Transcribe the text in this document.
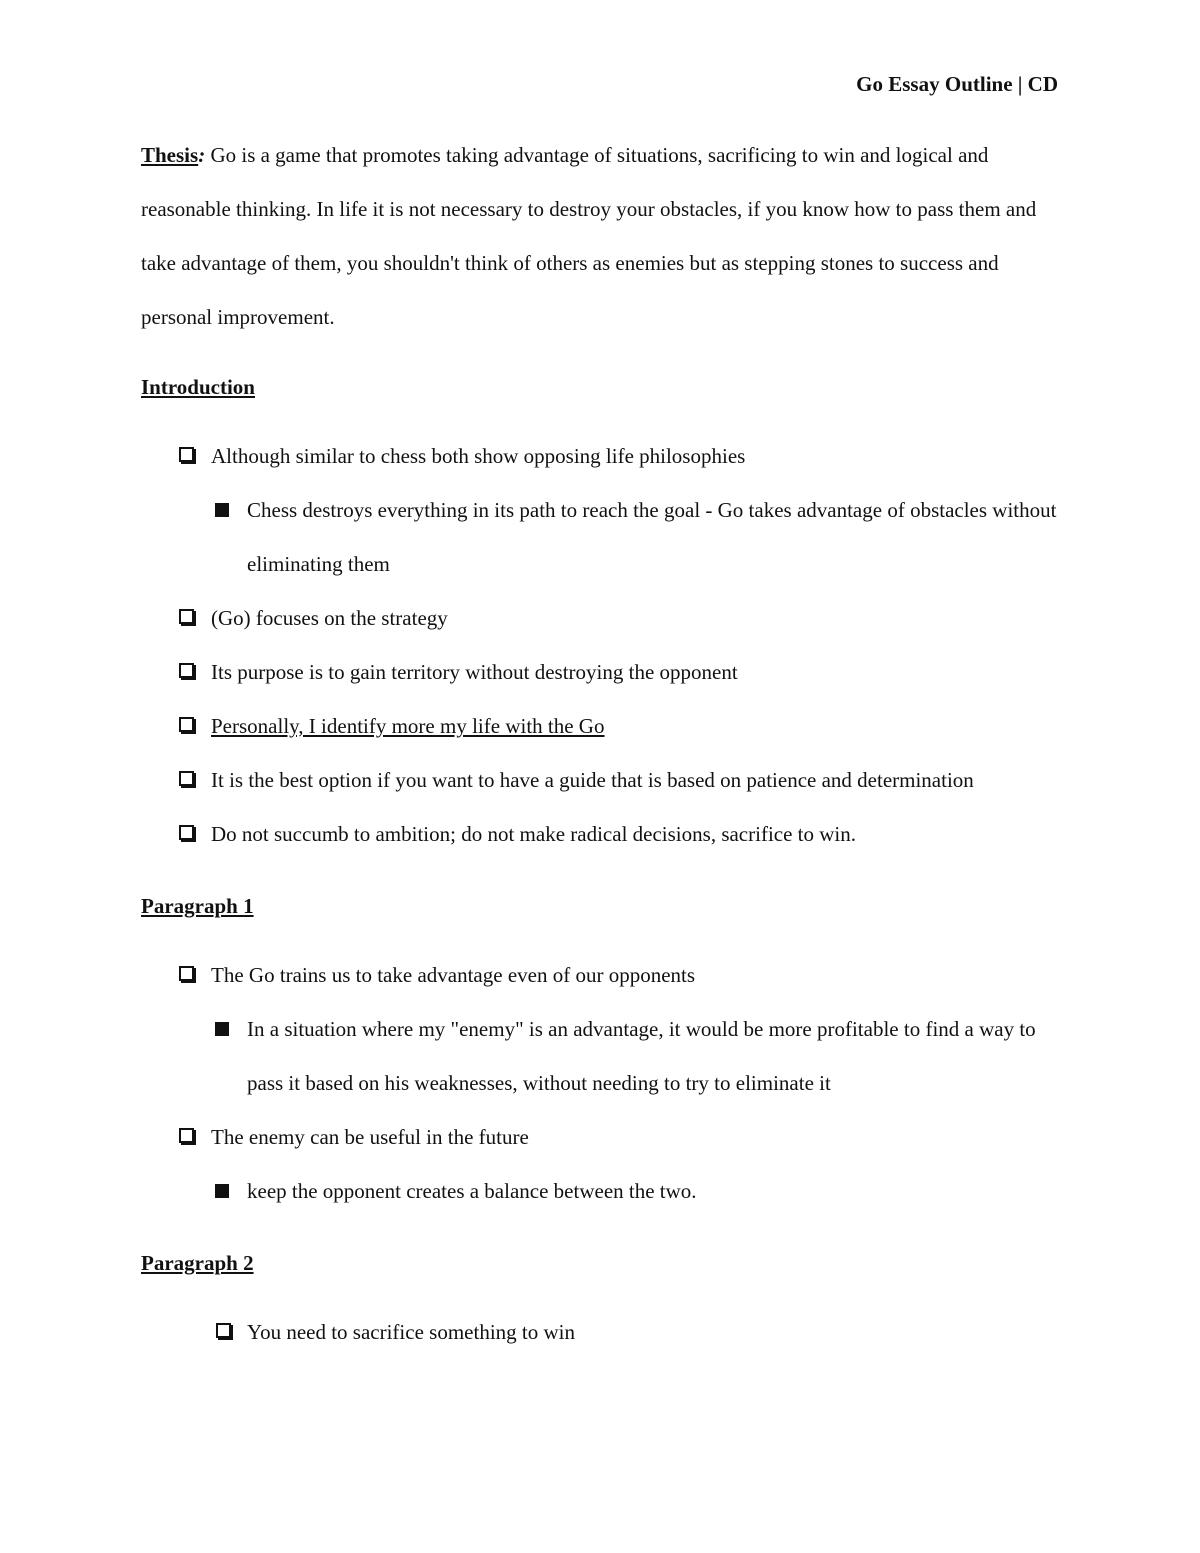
Go Essay Outline | CD

Thesis: Go is a game that promotes taking advantage of situations, sacrificing to win and logical and reasonable thinking. In life it is not necessary to destroy your obstacles, if you know how to pass them and take advantage of them, you shouldn't think of others as enemies but as stepping stones to success and personal improvement.

Introduction

Although similar to chess both show opposing life philosophies
Chess destroys everything in its path to reach the goal - Go takes advantage of obstacles without eliminating them
(Go) focuses on the strategy
Its purpose is to gain territory without destroying the opponent
Personally, I identify more my life with the Go
It is the best option if you want to have a guide that is based on patience and determination
Do not succumb to ambition; do not make radical decisions, sacrifice to win.

Paragraph 1

The Go trains us to take advantage even of our opponents
In a situation where my "enemy" is an advantage, it would be more profitable to find a way to pass it based on his weaknesses, without needing to try to eliminate it
The enemy can be useful in the future
keep the opponent creates a balance between the two.

Paragraph 2

You need to sacrifice something to win
